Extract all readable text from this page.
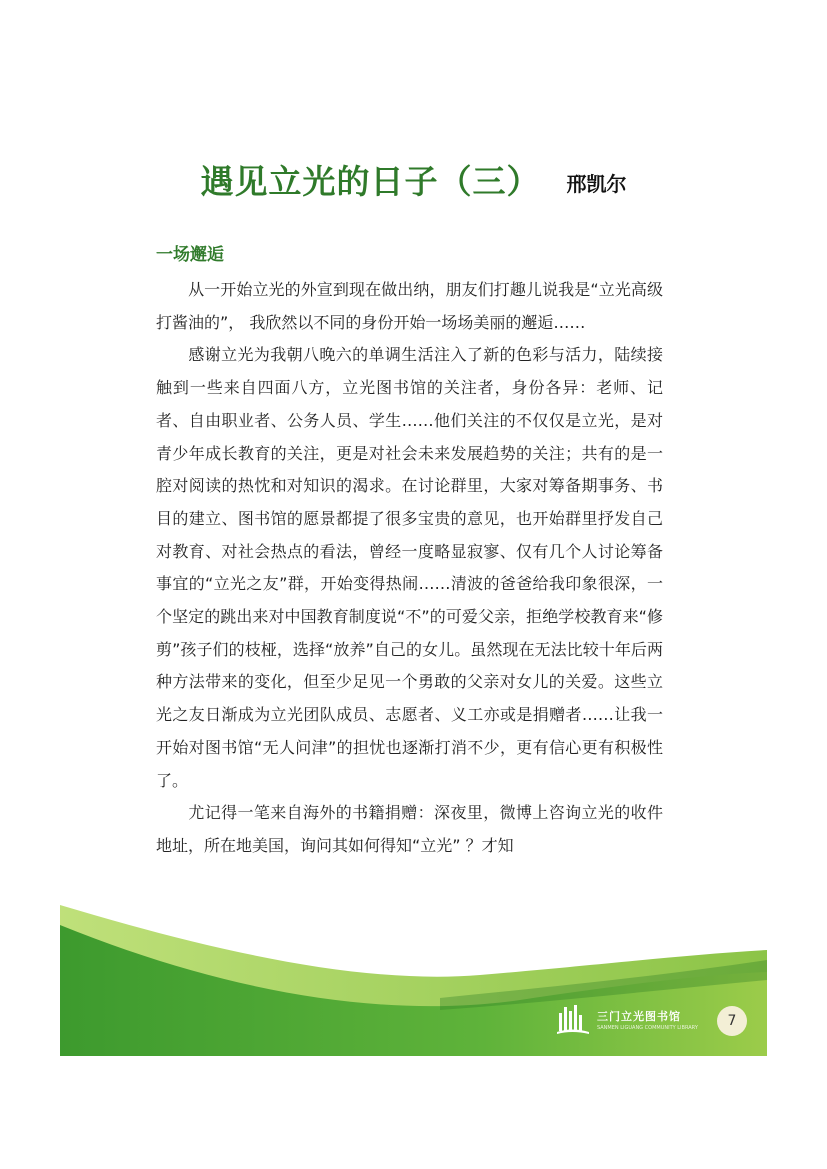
遇见立光的日子（三） 邢凯尔
一场邂逅

从一开始立光的外宣到现在做出纳，朋友们打趣儿说我是“立光高级打酱油的”， 我欣然以不同的身份开始一场场美丽的邂逅……

感谢立光为我朝八晚六的单调生活注入了新的色彩与活力，陆续接触到一些来自四面八方，立光图书馆的关注者，身份各异：老师、记者、自由职业者、公务人员、学生……他们关注的不仅仅是立光，是对青少年成长教育的关注，更是对社会未来发展趋势的关注；共有的是一腔对阅读的热忱和对知识的渴求。在讨论群里，大家对筹备期事务、书目的建立、图书馆的愿景都提了很多宝贵的意见，也开始群里抒发自己对教育、对社会热点的看法，曾经一度略显寂寥、仅有几个人讨论筹备事宜的“立光之友”群，开始变得热闹……清波的爸爸给我印象很深，一个坚定的跳出来对中国教育制度说“不”的可爱父亲，拒绝学校教育来“修剪”孩子们的枝桠，选择“放养”自己的女儿。虽然现在无法比较十年后两种方法带来的变化，但至少足见一个勇敢的父亲对女儿的关爱。这些立光之友日渐成为立光团队成员、志愿者、义工亦或是捐赠者……让我一开始对图书馆“无人问津”的担忧也逐渐打消不少，更有信心更有积极性了。

尤记得一笔来自海外的书籍捐赠：深夜里，微博上咨询立光的收件地址，所在地美国，询问其如何得知“立光” ？才知

三门立光图书馆
SANMEN LIGUANG COMMUNITY LIBRARY	7
